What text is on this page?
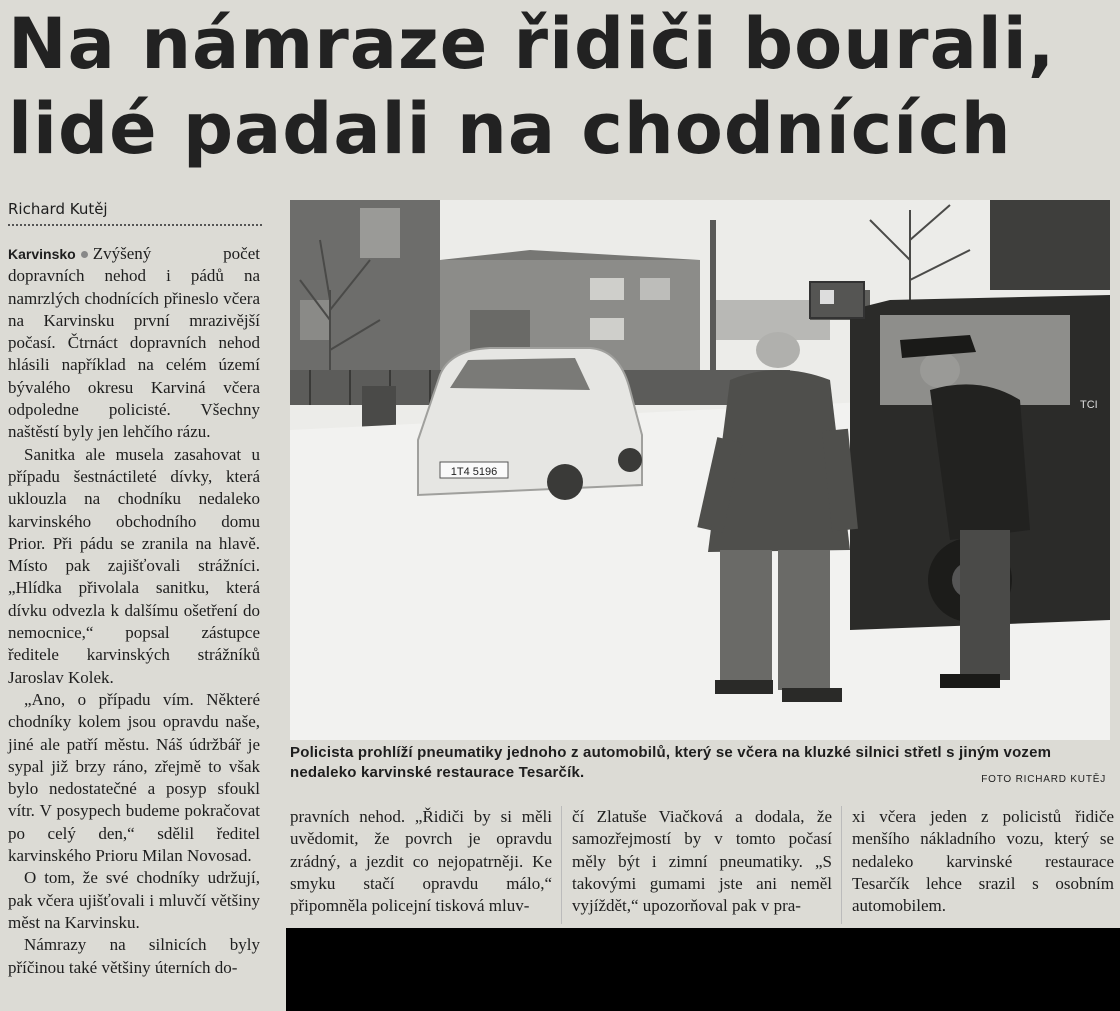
Na námraze řidiči bourali,
lidé padali na chodnících
Richard Kutěj

Karvinsko Zvýšený počet dopravních nehod i pádů na namrzlých chodnících přineslo včera na Karvinsku první mrazivější počasí. Čtrnáct dopravních nehod hlásili například na celém území bývalého okresu Karviná včera odpoledne policisté. Všechny naštěstí byly jen lehčího rázu.

Sanitka ale musela zasahovat u případu šestnáctileté dívky, která uklouzla na chodníku nedaleko karvinského obchodního domu Prior. Při pádu se zranila na hlavě. Místo pak zajišťovali strážníci. „Hlídka přivolala sanitku, která dívku odvezla k dalšímu ošetření do nemocnice,“ popsal zástupce ředitele karvinských strážníků Jaroslav Kolek.

„Ano, o případu vím. Některé chodníky kolem jsou opravdu naše, jiné ale patří městu. Náš údržbář je sypal již brzy ráno, zřejmě to však bylo nedostatečné a posyp sfoukl vítr. V posypech budeme pokračovat po celý den,“ sdělil ředitel karvinského Prioru Milan Novosad.

O tom, že své chodníky udržují, pak včera ujišťovali i mluvčí většiny měst na Karvinsku.

Námrazy na silnicích byly příčinou také většiny úterních do-

1T4 5196
TCI
Policista prohlíží pneumatiky jednoho z automobilů, který se včera na kluzké silnici střetl s jiným vozem nedaleko karvinské restaurace Tesarčík.	FOTO RICHARD KUTĚJ

pravních nehod. „Řidiči by si měli uvědomit, že povrch je opravdu zrádný, a jezdit co nejopatrněji. Ke smyku stačí opravdu málo,“ připomněla policejní tisková mluv-

čí Zlatuše Viačková a dodala, že samozřejmostí by v tomto počasí měly být i zimní pneumatiky. „S takovými gumami jste ani neměl vyjíždět,“ upozorňoval pak v pra-

xi včera jeden z policistů řidiče menšího nákladního vozu, který se nedaleko karvinské restaurace Tesarčík lehce srazil s osobním automobilem.
